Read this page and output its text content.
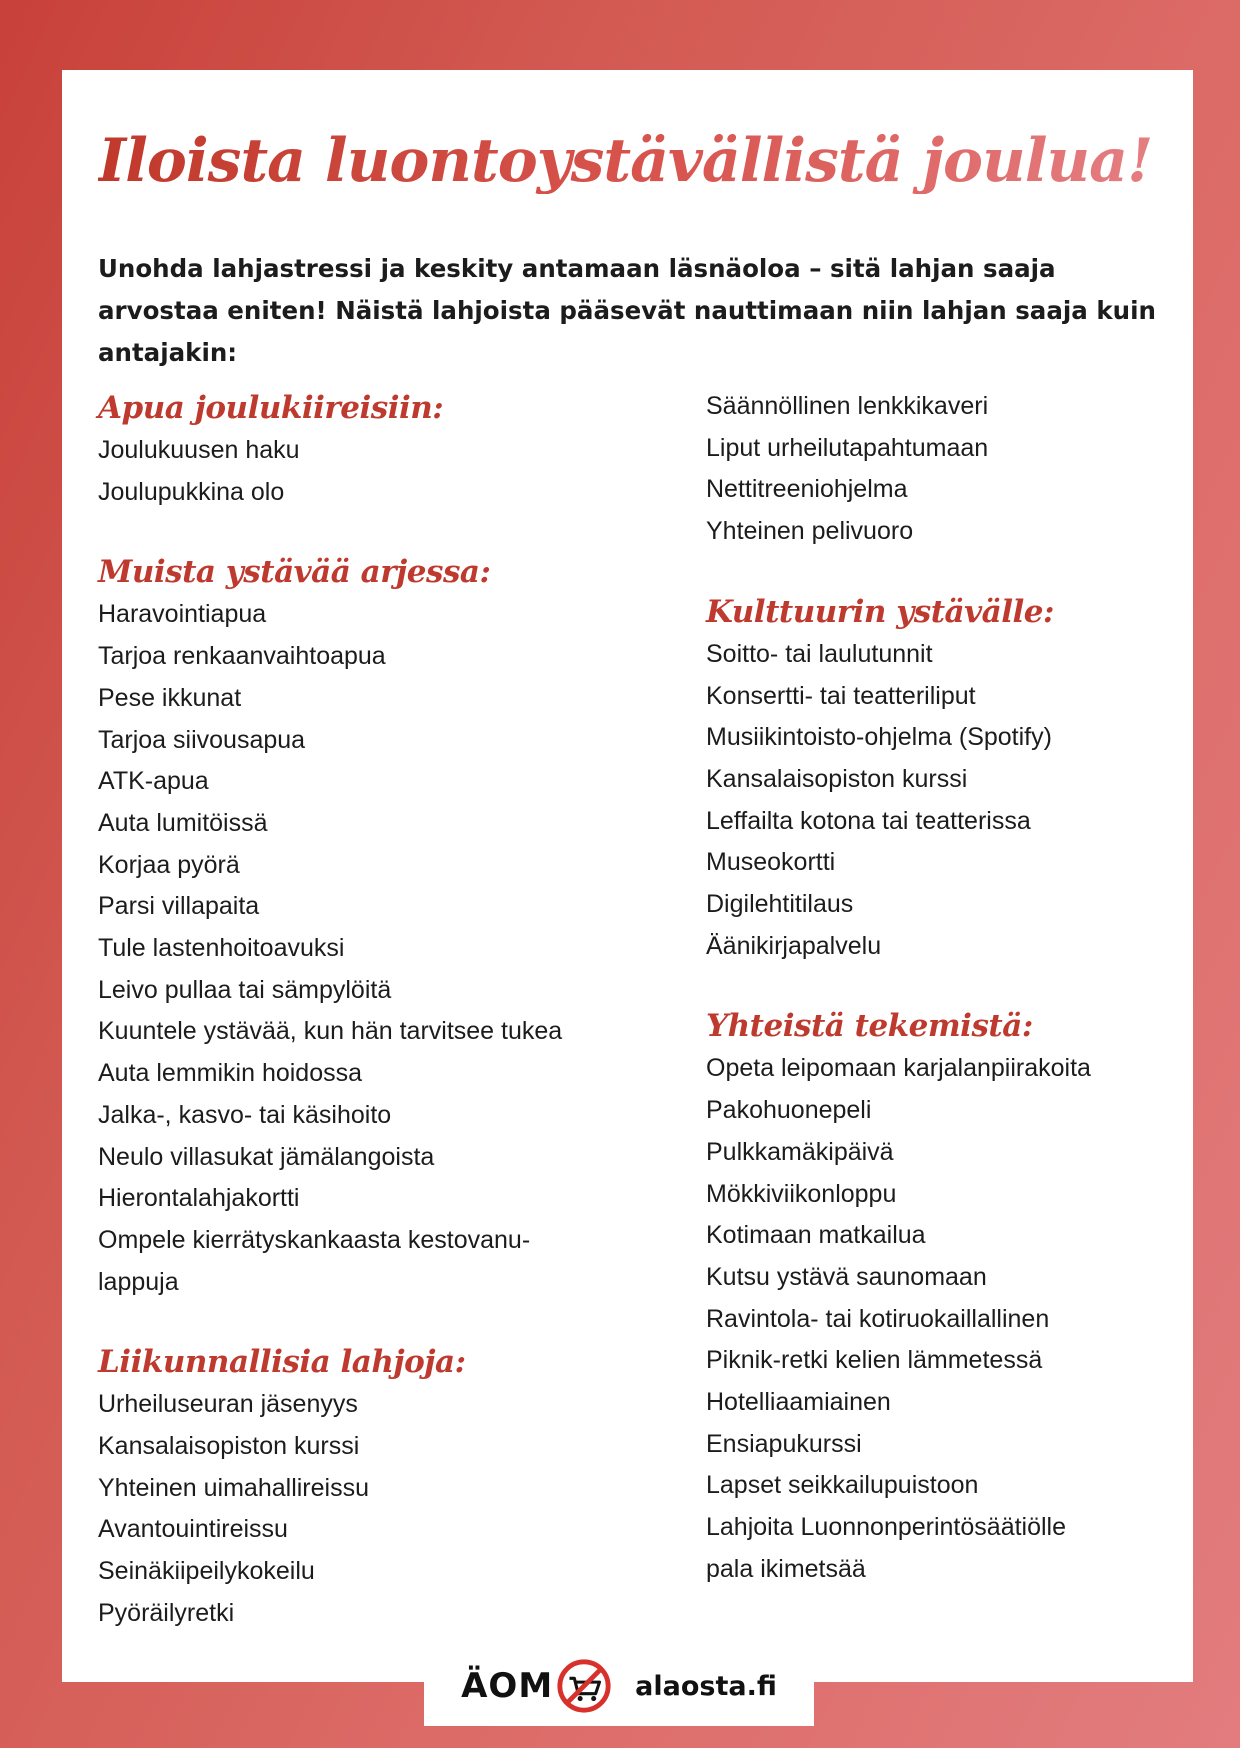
Iloista luontoystävällistä joulua!

Unohda lahjastressi ja keskity antamaan läsnäoloa – sitä lahjan saaja arvostaa eniten! Näistä lahjoista pääsevät nauttimaan niin lahjan saaja kuin antajakin:

Apua joulukiireisiin:
Joulukuusen haku
Joulupukkina olo
Muista ystävää arjessa:
Haravointiapua
Tarjoa renkaanvaihtoapua
Pese ikkunat
Tarjoa siivousapua
ATK-apua
Auta lumitöissä
Korjaa pyörä
Parsi villapaita
Tule lastenhoitoavuksi
Leivo pullaa tai sämpylöitä
Kuuntele ystävää, kun hän tarvitsee tukea
Auta lemmikin hoidossa
Jalka-, kasvo- tai käsihoito
Neulo villasukat jämälangoista
Hierontalahjakortti
Ompele kierrätyskankaasta kestovanu-
lappuja
Liikunnallisia lahjoja:
Urheiluseuran jäsenyys
Kansalaisopiston kurssi
Yhteinen uimahallireissu
Avantouintireissu
Seinäkiipeilykokeilu
Pyöräilyretki
Säännöllinen lenkkikaveri
Liput urheilutapahtumaan
Nettitreeniohjelma
Yhteinen pelivuoro
Kulttuurin ystävälle:
Soitto- tai laulutunnit
Konsertti- tai teatteriliput
Musiikintoisto-ohjelma (Spotify)
Kansalaisopiston kurssi
Leffailta kotona tai teatterissa
Museokortti
Digilehtitilaus
Äänikirjapalvelu
Yhteistä tekemistä:
Opeta leipomaan karjalanpiirakoita
Pakohuonepeli
Pulkkamäkipäivä
Mökkiviikonloppu
Kotimaan matkailua
Kutsu ystävä saunomaan
Ravintola- tai kotiruokaillallinen
Piknik-retki kelien lämmetessä
Hotelliaamiainen
Ensiapukurssi
Lapset seikkailupuistoon
Lahjoita Luonnonperintösäätiölle
pala ikimetsää
ÄOM	alaosta.fi
